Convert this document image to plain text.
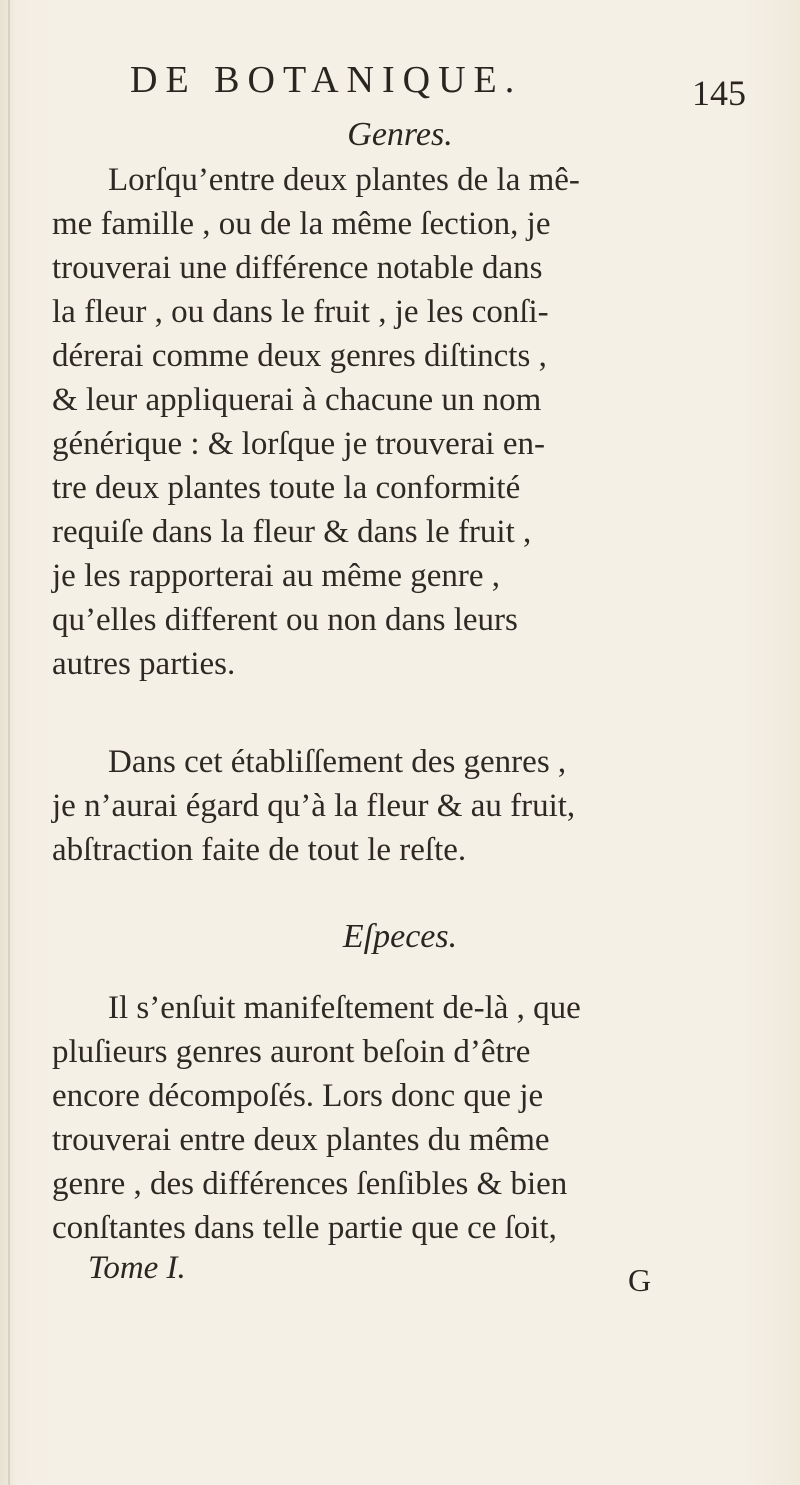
DE BOTANIQUE.	145
Genres.
Lorſqu’entre deux plantes de la mê-
me famille , ou de la même ſection, je
trouverai une différence notable dans
la fleur , ou dans le fruit , je les conſi-
dérerai comme deux genres diſtincts ,
& leur appliquerai à chacune un nom
générique : & lorſque je trouverai en-
tre deux plantes toute la conformité
requiſe dans la fleur & dans le fruit ,
je les rapporterai au même genre ,
qu’elles different ou non dans leurs
autres parties.
Dans cet établiſſement des genres ,
je n’aurai égard qu’à la fleur & au fruit,
abſtraction faite de tout le reſte.
Eſpeces.
Il s’enſuit manifeſtement de-là , que
pluſieurs genres auront beſoin d’être
encore décompoſés. Lors donc que je
trouverai entre deux plantes du même
genre , des différences ſenſibles & bien
conſtantes dans telle partie que ce ſoit,
Tome I.	G
